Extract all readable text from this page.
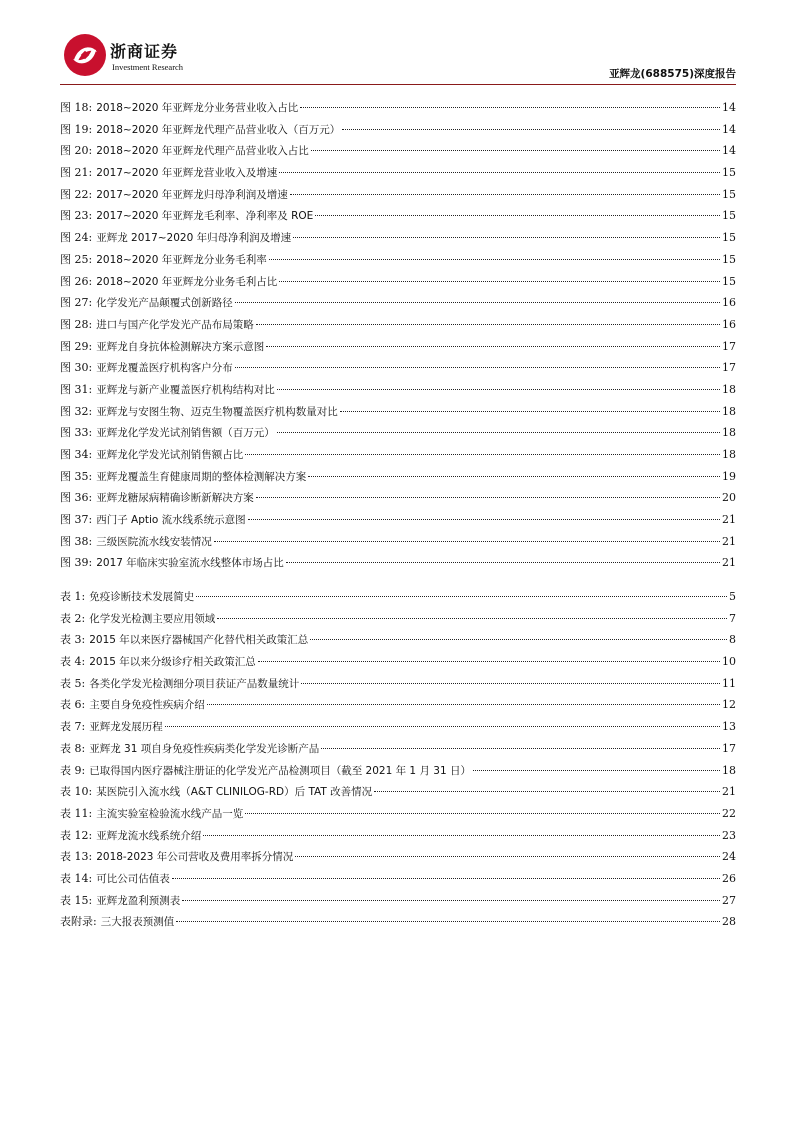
浙商证券
Investment Research
亚辉龙(688575)深度报告
图 18: 2018~2020 年亚辉龙分业务营业收入占比	14
图 19: 2018~2020 年亚辉龙代理产品营业收入（百万元）	14
图 20: 2018~2020 年亚辉龙代理产品营业收入占比	14
图 21: 2017~2020 年亚辉龙营业收入及增速	15
图 22: 2017~2020 年亚辉龙归母净利润及增速	15
图 23: 2017~2020 年亚辉龙毛利率、净利率及 ROE	15
图 24: 亚辉龙 2017~2020 年归母净利润及增速	15
图 25: 2018~2020 年亚辉龙分业务毛利率	15
图 26: 2018~2020 年亚辉龙分业务毛利占比	15
图 27: 化学发光产品颠覆式创新路径	16
图 28: 进口与国产化学发光产品布局策略	16
图 29: 亚辉龙自身抗体检测解决方案示意图	17
图 30: 亚辉龙覆盖医疗机构客户分布	17
图 31: 亚辉龙与新产业覆盖医疗机构结构对比	18
图 32: 亚辉龙与安图生物、迈克生物覆盖医疗机构数量对比	18
图 33: 亚辉龙化学发光试剂销售额（百万元）	18
图 34: 亚辉龙化学发光试剂销售额占比	18
图 35: 亚辉龙覆盖生育健康周期的整体检测解决方案	19
图 36: 亚辉龙糖尿病精确诊断新解决方案	20
图 37: 西门子 Aptio 流水线系统示意图	21
图 38: 三级医院流水线安装情况	21
图 39: 2017 年临床实验室流水线整体市场占比	21
表 1: 免疫诊断技术发展简史	5
表 2: 化学发光检测主要应用领域	7
表 3: 2015 年以来医疗器械国产化替代相关政策汇总	8
表 4: 2015 年以来分级诊疗相关政策汇总	10
表 5: 各类化学发光检测细分项目获证产品数量统计	11
表 6: 主要自身免疫性疾病介绍	12
表 7: 亚辉龙发展历程	13
表 8: 亚辉龙 31 项自身免疫性疾病类化学发光诊断产品	17
表 9: 已取得国内医疗器械注册证的化学发光产品检测项目（截至 2021 年 1 月 31 日）	18
表 10: 某医院引入流水线（A&T CLINILOG-RD）后 TAT 改善情况	21
表 11: 主流实验室检验流水线产品一览	22
表 12: 亚辉龙流水线系统介绍	23
表 13: 2018-2023 年公司营收及费用率拆分情况	24
表 14: 可比公司估值表	26
表 15: 亚辉龙盈利预测表	27
表附录: 三大报表预测值	28
